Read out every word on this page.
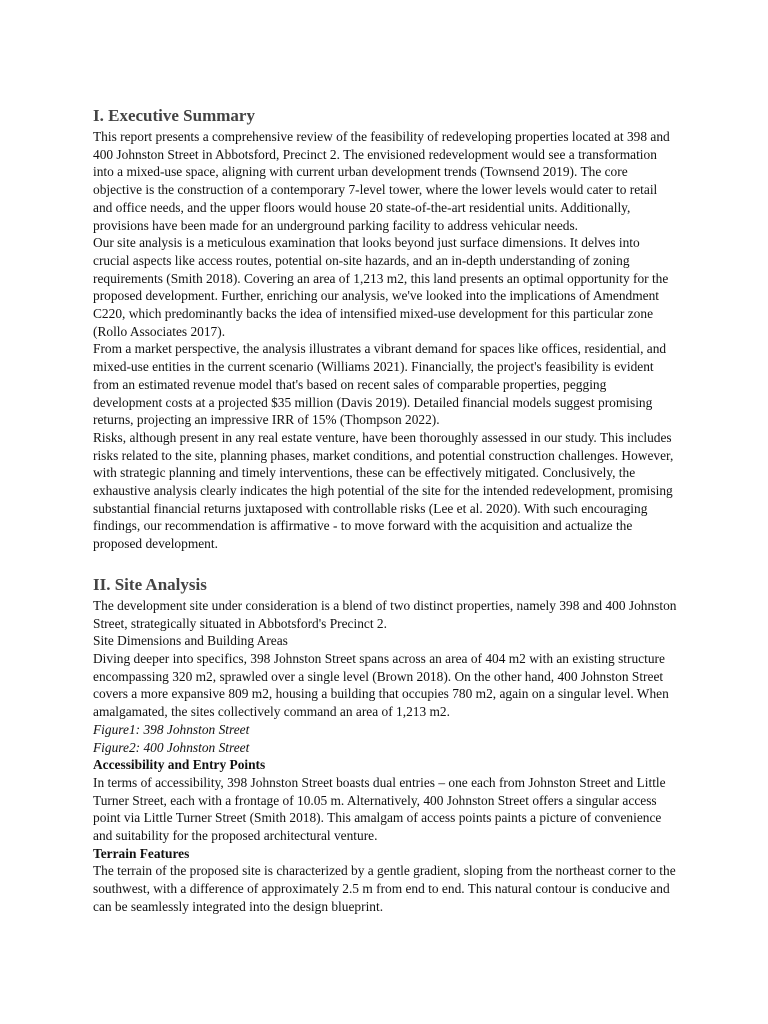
I. Executive Summary

This report presents a comprehensive review of the feasibility of redeveloping properties located at 398 and 400 Johnston Street in Abbotsford, Precinct 2. The envisioned redevelopment would see a transformation into a mixed-use space, aligning with current urban development trends (Townsend 2019). The core objective is the construction of a contemporary 7-level tower, where the lower levels would cater to retail and office needs, and the upper floors would house 20 state-of-the-art residential units. Additionally, provisions have been made for an underground parking facility to address vehicular needs.

Our site analysis is a meticulous examination that looks beyond just surface dimensions. It delves into crucial aspects like access routes, potential on-site hazards, and an in-depth understanding of zoning requirements (Smith 2018). Covering an area of 1,213 m2, this land presents an optimal opportunity for the proposed development. Further, enriching our analysis, we've looked into the implications of Amendment C220, which predominantly backs the idea of intensified mixed-use development for this particular zone (Rollo Associates 2017).

From a market perspective, the analysis illustrates a vibrant demand for spaces like offices, residential, and mixed-use entities in the current scenario (Williams 2021). Financially, the project's feasibility is evident from an estimated revenue model that's based on recent sales of comparable properties, pegging development costs at a projected $35 million (Davis 2019). Detailed financial models suggest promising returns, projecting an impressive IRR of 15% (Thompson 2022).

Risks, although present in any real estate venture, have been thoroughly assessed in our study. This includes risks related to the site, planning phases, market conditions, and potential construction challenges. However, with strategic planning and timely interventions, these can be effectively mitigated. Conclusively, the exhaustive analysis clearly indicates the high potential of the site for the intended redevelopment, promising substantial financial returns juxtaposed with controllable risks (Lee et al. 2020). With such encouraging findings, our recommendation is affirmative - to move forward with the acquisition and actualize the proposed development.

II. Site Analysis

The development site under consideration is a blend of two distinct properties, namely 398 and 400 Johnston Street, strategically situated in Abbotsford's Precinct 2.

Site Dimensions and Building Areas

Diving deeper into specifics, 398 Johnston Street spans across an area of 404 m2 with an existing structure encompassing 320 m2, sprawled over a single level (Brown 2018). On the other hand, 400 Johnston Street covers a more expansive 809 m2, housing a building that occupies 780 m2, again on a singular level. When amalgamated, the sites collectively command an area of 1,213 m2.

Figure1: 398 Johnston Street

Figure2: 400 Johnston Street

Accessibility and Entry Points

In terms of accessibility, 398 Johnston Street boasts dual entries – one each from Johnston Street and Little Turner Street, each with a frontage of 10.05 m. Alternatively, 400 Johnston Street offers a singular access point via Little Turner Street (Smith 2018). This amalgam of access points paints a picture of convenience and suitability for the proposed architectural venture.

Terrain Features

The terrain of the proposed site is characterized by a gentle gradient, sloping from the northeast corner to the southwest, with a difference of approximately 2.5 m from end to end. This natural contour is conducive and can be seamlessly integrated into the design blueprint.
